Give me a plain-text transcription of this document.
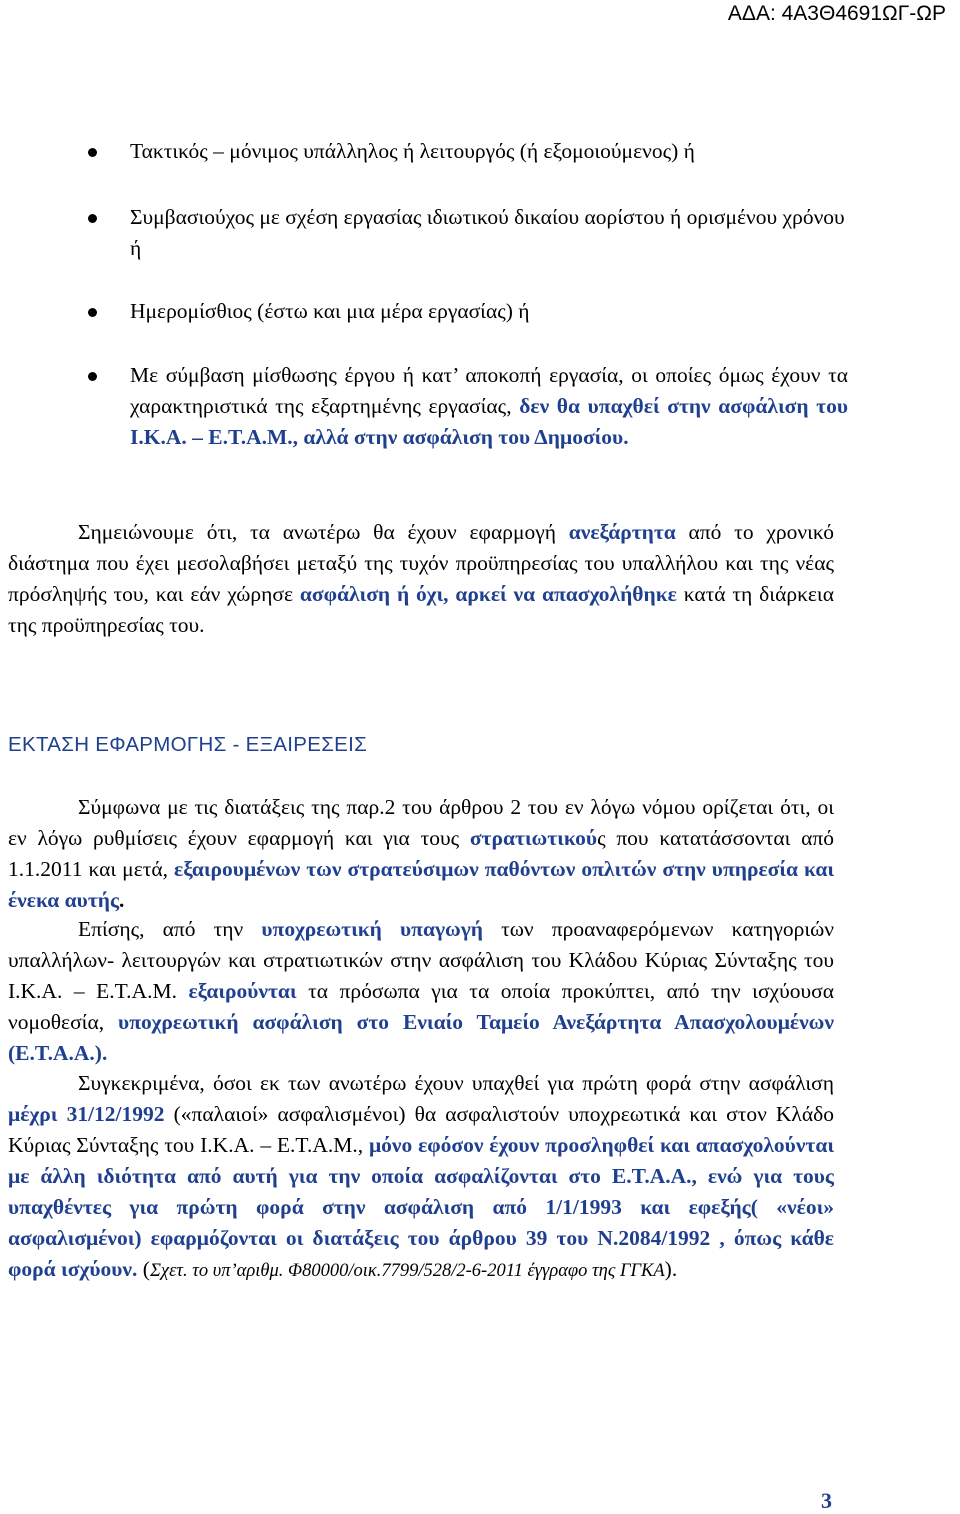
ΑΔΑ: 4Α3Θ4691ΩΓ-ΩΡ
Τακτικός – μόνιμος υπάλληλος ή λειτουργός (ή εξομοιούμενος) ή
Συμβασιούχος με σχέση εργασίας ιδιωτικού δικαίου αορίστου ή ορισμένου χρόνου ή
Ημερομίσθιος (έστω και μια μέρα εργασίας) ή
Με σύμβαση μίσθωσης έργου ή κατ’ αποκοπή εργασία, οι οποίες όμως έχουν τα χαρακτηριστικά της εξαρτημένης εργασίας, δεν θα υπαχθεί στην ασφάλιση του Ι.Κ.Α. – Ε.Τ.Α.Μ., αλλά στην ασφάλιση του Δημοσίου.
Σημειώνουμε ότι, τα ανωτέρω θα έχουν εφαρμογή ανεξάρτητα από το χρονικό διάστημα που έχει μεσολαβήσει μεταξύ της τυχόν προϋπηρεσίας του υπαλλήλου και της νέας πρόσληψής του, και εάν χώρησε ασφάλιση ή όχι, αρκεί να απασχολήθηκε κατά τη διάρκεια της προϋπηρεσίας του.
ΕΚΤΑΣΗ ΕΦΑΡΜΟΓΗΣ - ΕΞΑΙΡΕΣΕΙΣ
Σύμφωνα με τις διατάξεις της παρ.2 του άρθρου 2 του εν λόγω νόμου ορίζεται ότι, οι εν λόγω ρυθμίσεις έχουν εφαρμογή και για τους στρατιωτικούς που κατατάσσονται από 1.1.2011 και μετά, εξαιρουμένων των στρατεύσιμων παθόντων οπλιτών στην υπηρεσία και ένεκα αυτής.
Επίσης, από την υποχρεωτική υπαγωγή των προαναφερόμενων κατηγοριών υπαλλήλων- λειτουργών και στρατιωτικών στην ασφάλιση του Κλάδου Κύριας Σύνταξης του Ι.Κ.Α. – Ε.Τ.Α.Μ. εξαιρούνται τα πρόσωπα για τα οποία προκύπτει, από την ισχύουσα νομοθεσία, υποχρεωτική ασφάλιση στο Ενιαίο Ταμείο Ανεξάρτητα Απασχολουμένων (Ε.Τ.Α.Α.).
Συγκεκριμένα, όσοι εκ των ανωτέρω έχουν υπαχθεί για πρώτη φορά στην ασφάλιση μέχρι 31/12/1992 («παλαιοί» ασφαλισμένοι) θα ασφαλιστούν υποχρεωτικά και στον Κλάδο Κύριας Σύνταξης του Ι.Κ.Α. – Ε.Τ.Α.Μ., μόνο εφόσον έχουν προσληφθεί και απασχολούνται με άλλη ιδιότητα από αυτή για την οποία ασφαλίζονται στο Ε.Τ.Α.Α., ενώ για τους υπαχθέντες για πρώτη φορά στην ασφάλιση από 1/1/1993 και εφεξής( «νέοι» ασφαλισμένοι) εφαρμόζονται οι διατάξεις του άρθρου 39 του Ν.2084/1992 , όπως κάθε φορά ισχύουν. (Σχετ. το υπ’αριθμ. Φ80000/οικ.7799/528/2-6-2011 έγγραφο της ΓΓΚΑ).
3
